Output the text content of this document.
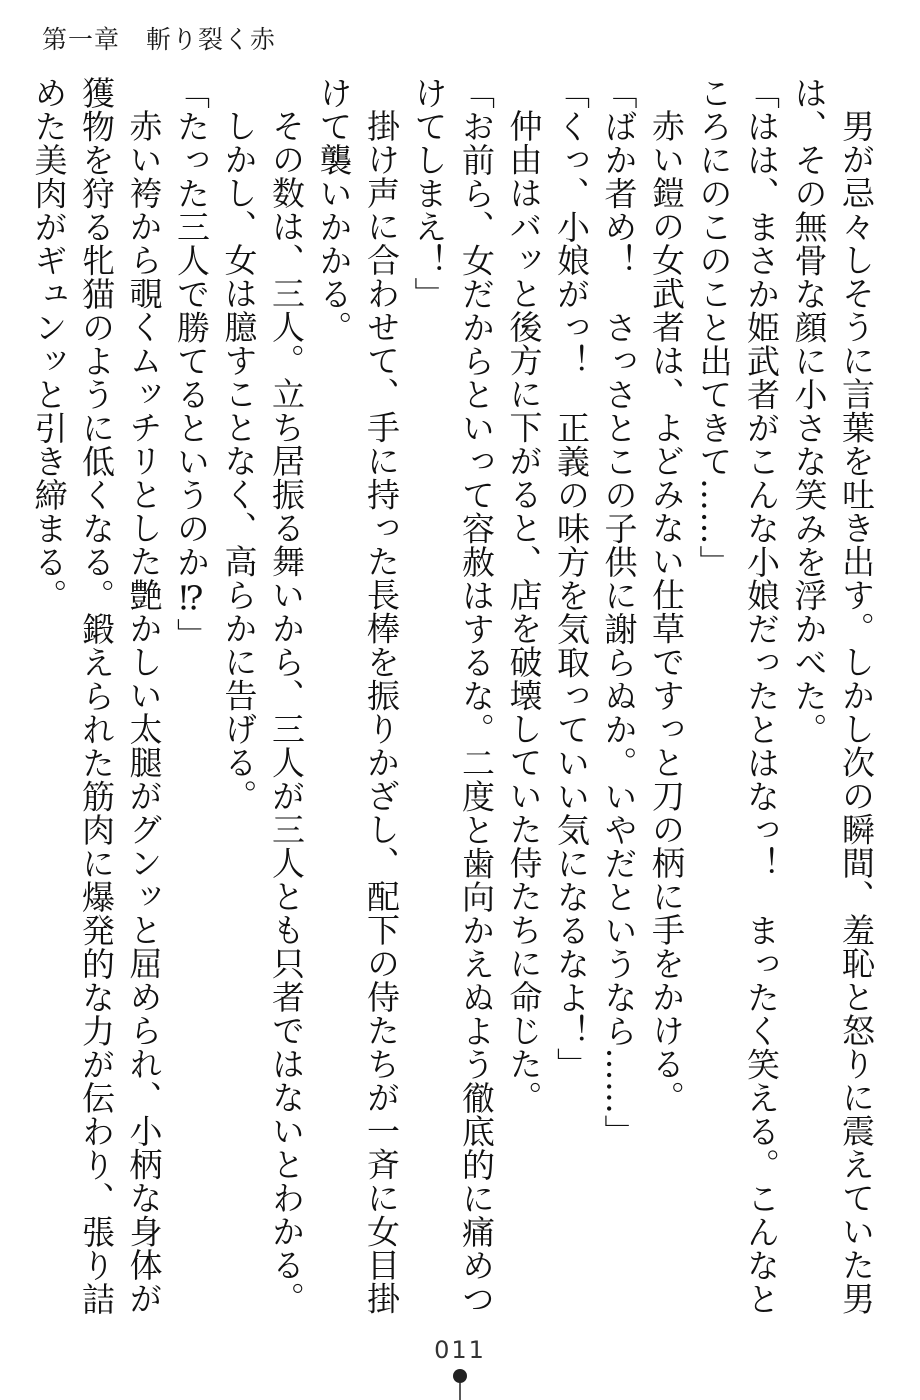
第一章　 斬り裂く赤

男が忌々しそうに言葉を吐き出す。しかし次の瞬間、羞恥と怒りに震えていた男は、その無骨な顔に小さな笑みを浮かべた。

「はは、まさか姫武者がこんな小娘だったとはなっ！　まったく笑える。こんなところにのこのこと出てきて……」

赤い鎧の女武者は、よどみない仕草ですっと刀の柄に手をかける。

「ばか者め！　さっさとこの子供に謝らぬか。いやだというなら……」

「くっ、小娘がっ！　正義の味方を気取っていい気になるなよ！」

仲由はバッと後方に下がると、店を破壊していた侍たちに命じた。

「お前ら、女だからといって容赦はするな。二度と歯向かえぬよう徹底的に痛めつけてしまえ！」

掛け声に合わせて、手に持った長棒を振りかざし、配下の侍たちが一斉に女目掛けて襲いかかる。

その数は、三人。立ち居振る舞いから、三人が三人とも只者ではないとわかる。

しかし、女は臆すことなく、高らかに告げる。

「たった三人で勝てるというのか⁉」

赤い袴から覗くムッチリとした艶かしい太腿がグンッと屈められ、小柄な身体が獲物を狩る牝猫のように低くなる。鍛えられた筋肉に爆発的な力が伝わり、張り詰めた美肉がギュンッと引き締まる。

011
